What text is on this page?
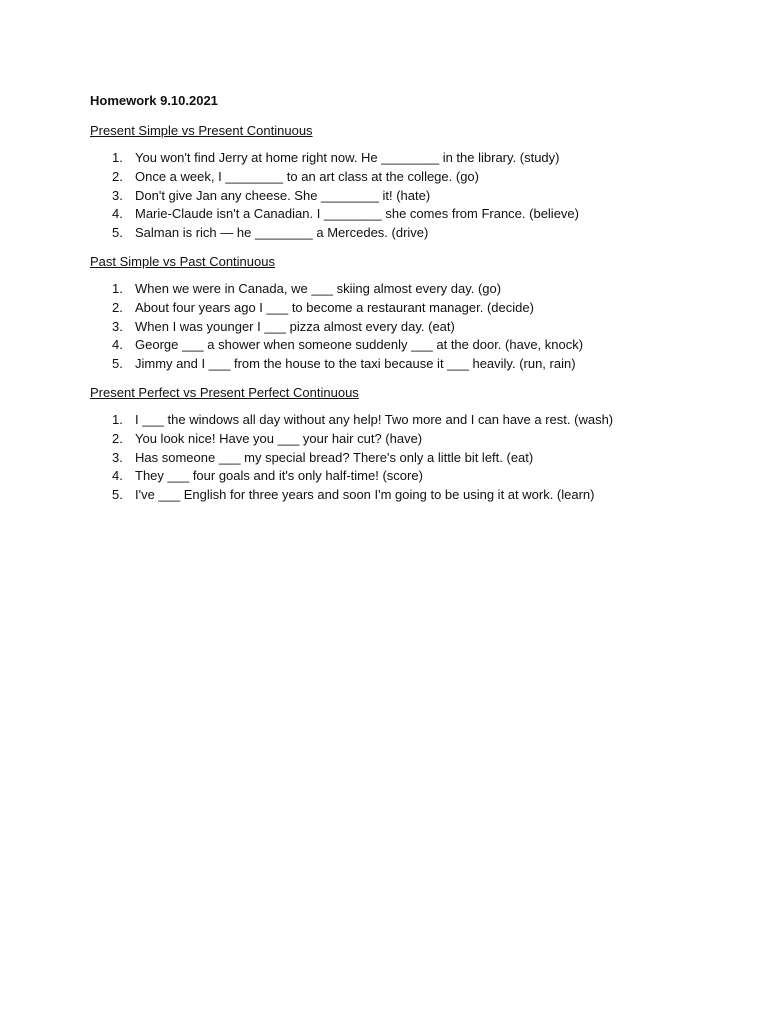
Homework 9.10.2021
Present Simple vs Present Continuous
1. You won't find Jerry at home right now. He ________ in the library. (study)
2. Once a week, I ________ to an art class at the college. (go)
3. Don't give Jan any cheese. She ________ it! (hate)
4. Marie-Claude isn't a Canadian. I ________ she comes from France. (believe)
5. Salman is rich — he ________ a Mercedes. (drive)
Past Simple vs Past Continuous
1. When we were in Canada, we ___ skiing almost every day. (go)
2. About four years ago I ___ to become a restaurant manager. (decide)
3. When I was younger I ___ pizza almost every day. (eat)
4. George ___ a shower when someone suddenly ___ at the door. (have, knock)
5. Jimmy and I ___ from the house to the taxi because it ___ heavily. (run, rain)
Present Perfect vs Present Perfect Continuous
1. I ___ the windows all day without any help! Two more and I can have a rest. (wash)
2. You look nice! Have you ___ your hair cut? (have)
3. Has someone ___ my special bread? There's only a little bit left. (eat)
4. They ___ four goals and it's only half-time! (score)
5. I've ___ English for three years and soon I'm going to be using it at work. (learn)
